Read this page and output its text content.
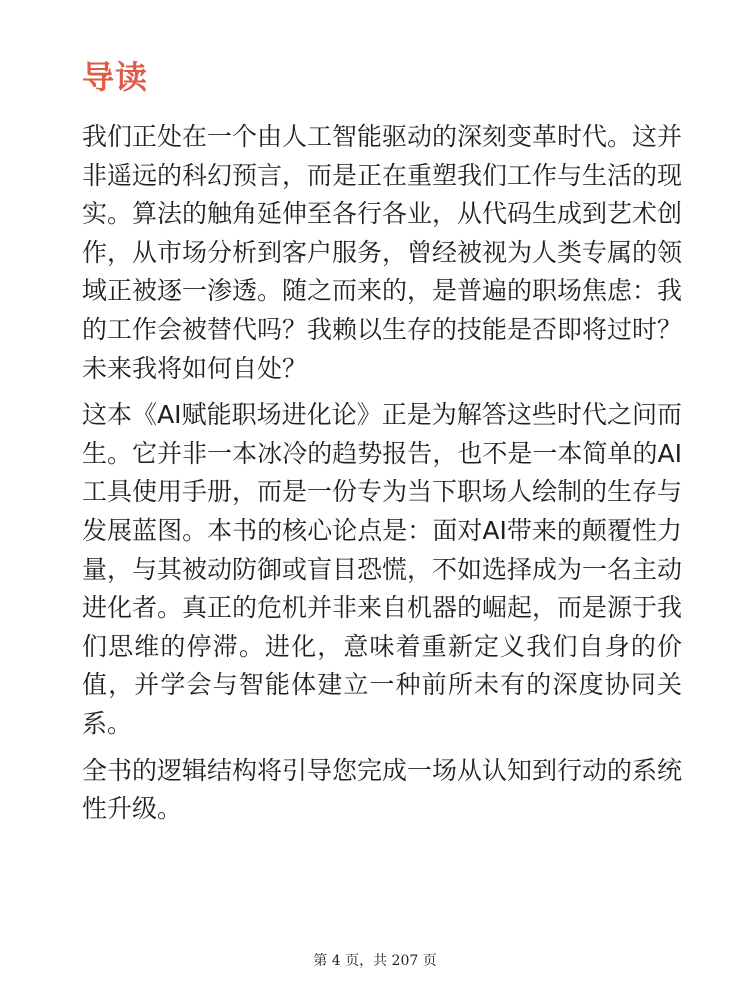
导读

我们正处在一个由人工智能驱动的深刻变革时代。这并非遥远的科幻预言，而是正在重塑我们工作与生活的现实。算法的触角延伸至各行各业，从代码生成到艺术创作，从市场分析到客户服务，曾经被视为人类专属的领域正被逐一渗透。随之而来的，是普遍的职场焦虑：我的工作会被替代吗？我赖以生存的技能是否即将过时？未来我将如何自处？

这本《AI赋能职场进化论》正是为解答这些时代之问而生。它并非一本冰冷的趋势报告，也不是一本简单的AI工具使用手册，而是一份专为当下职场人绘制的生存与发展蓝图。本书的核心论点是：面对AI带来的颠覆性力量，与其被动防御或盲目恐慌，不如选择成为一名主动进化者。真正的危机并非来自机器的崛起，而是源于我们思维的停滞。进化，意味着重新定义我们自身的价值，并学会与智能体建立一种前所未有的深度协同关系。

全书的逻辑结构将引导您完成一场从认知到行动的系统性升级。

第 4 页，共 207 页
